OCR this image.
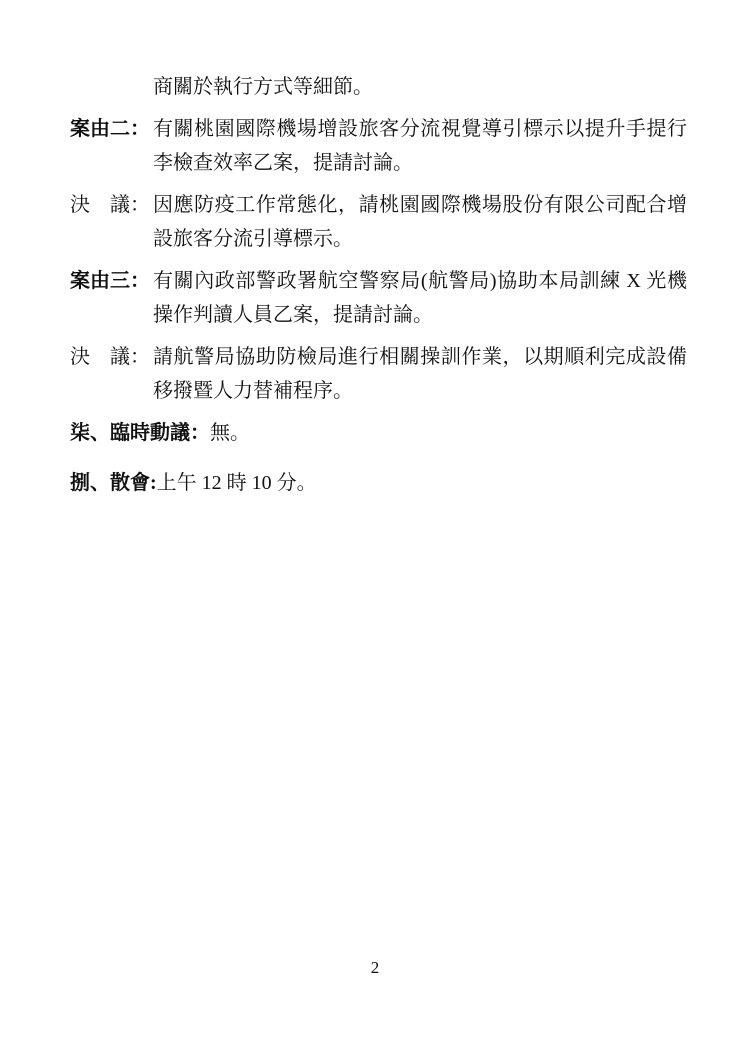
商關於執行方式等細節。
案由二： 有關桃園國際機場增設旅客分流視覺導引標示以提升手提行
李檢查效率乙案，提請討論。
決　議： 因應防疫工作常態化，請桃園國際機場股份有限公司配合增
設旅客分流引導標示。
案由三： 有關內政部警政署航空警察局(航警局)協助本局訓練 X 光機
操作判讀人員乙案，提請討論。
決　議： 請航警局協助防檢局進行相關操訓作業，以期順利完成設備
移撥暨人力替補程序。
柒、臨時動議：無。
捌、散會:上午 12 時 10 分。
2
